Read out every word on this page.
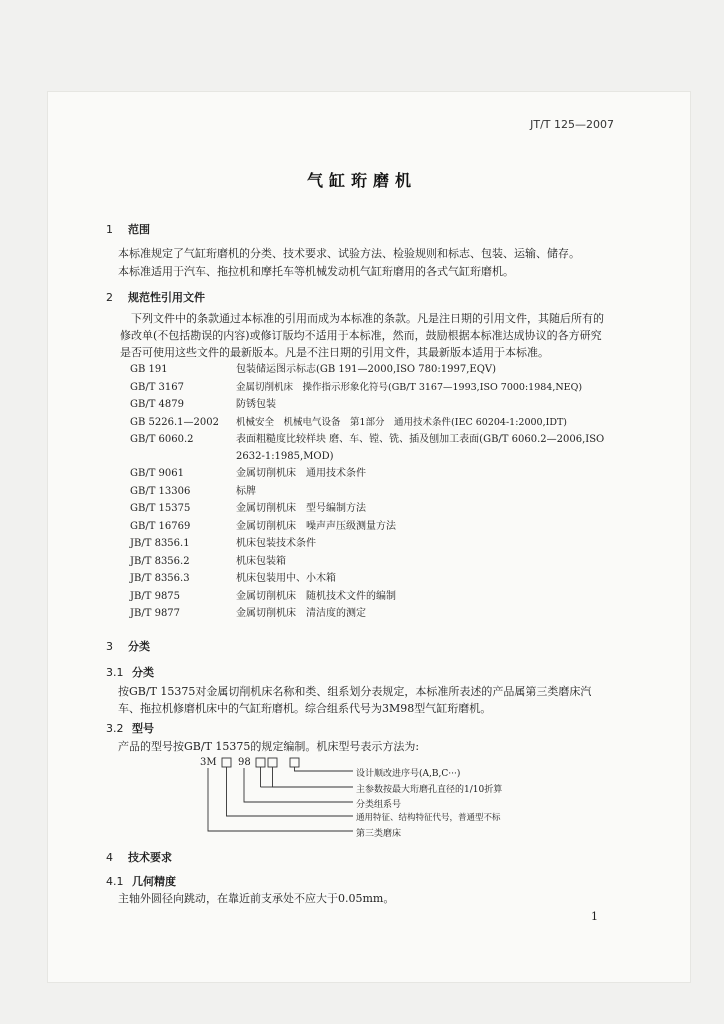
JT/T 125—2007
气缸珩磨机
1 范围
本标准规定了气缸珩磨机的分类、技术要求、试验方法、检验规则和标志、包装、运输、储存。
本标准适用于汽车、拖拉机和摩托车等机械发动机气缸珩磨用的各式气缸珩磨机。
2 规范性引用文件
下列文件中的条款通过本标准的引用而成为本标准的条款。凡是注日期的引用文件，其随后所有的修改单(不包括勘误的内容)或修订版均不适用于本标准，然而，鼓励根据本标准达成协议的各方研究是否可使用这些文件的最新版本。凡是不注日期的引用文件，其最新版本适用于本标准。
GB 191	包装储运图示标志(GB 191—2000,ISO 780:1997,EQV)
GB/T 3167	金属切削机床　操作指示形象化符号(GB/T 3167—1993,ISO 7000:1984,NEQ)
GB/T 4879	防锈包装
GB 5226.1—2002 机械安全　机械电气设备　第1部分　通用技术条件(IEC 60204-1:2000,IDT)
GB/T 6060.2	表面粗糙度比较样块 磨、车、镗、铣、插及刨加工表面(GB/T 6060.2—2006,ISO 2632-1:1985,MOD)
GB/T 9061	金属切削机床　通用技术条件
GB/T 13306	标牌
GB/T 15375	金属切削机床　型号编制方法
GB/T 16769	金属切削机床　噪声声压级测量方法
JB/T 8356.1	机床包装技术条件
JB/T 8356.2	机床包装箱
JB/T 8356.3	机床包装用中、小木箱
JB/T 9875	金属切削机床　随机技术文件的编制
JB/T 9877	金属切削机床　清洁度的测定
3 分类
3.1 分类
按GB/T 15375对金属切削机床名称和类、组系划分表规定，本标准所表述的产品属第三类磨床汽车、拖拉机修磨机床中的气缸珩磨机。综合组系代号为3M98型气缸珩磨机。
3.2 型号
产品的型号按GB/T 15375的规定编制。机床型号表示方法为:
3M 98
设计顺改进序号(A,B,C···)
主参数按最大珩磨孔直径的1/10折算
分类组系号
通用特征、结构特征代号，普通型不标
第三类磨床
4 技术要求
4.1 几何精度
主轴外圆径向跳动，在靠近前支承处不应大于0.05mm。
1
